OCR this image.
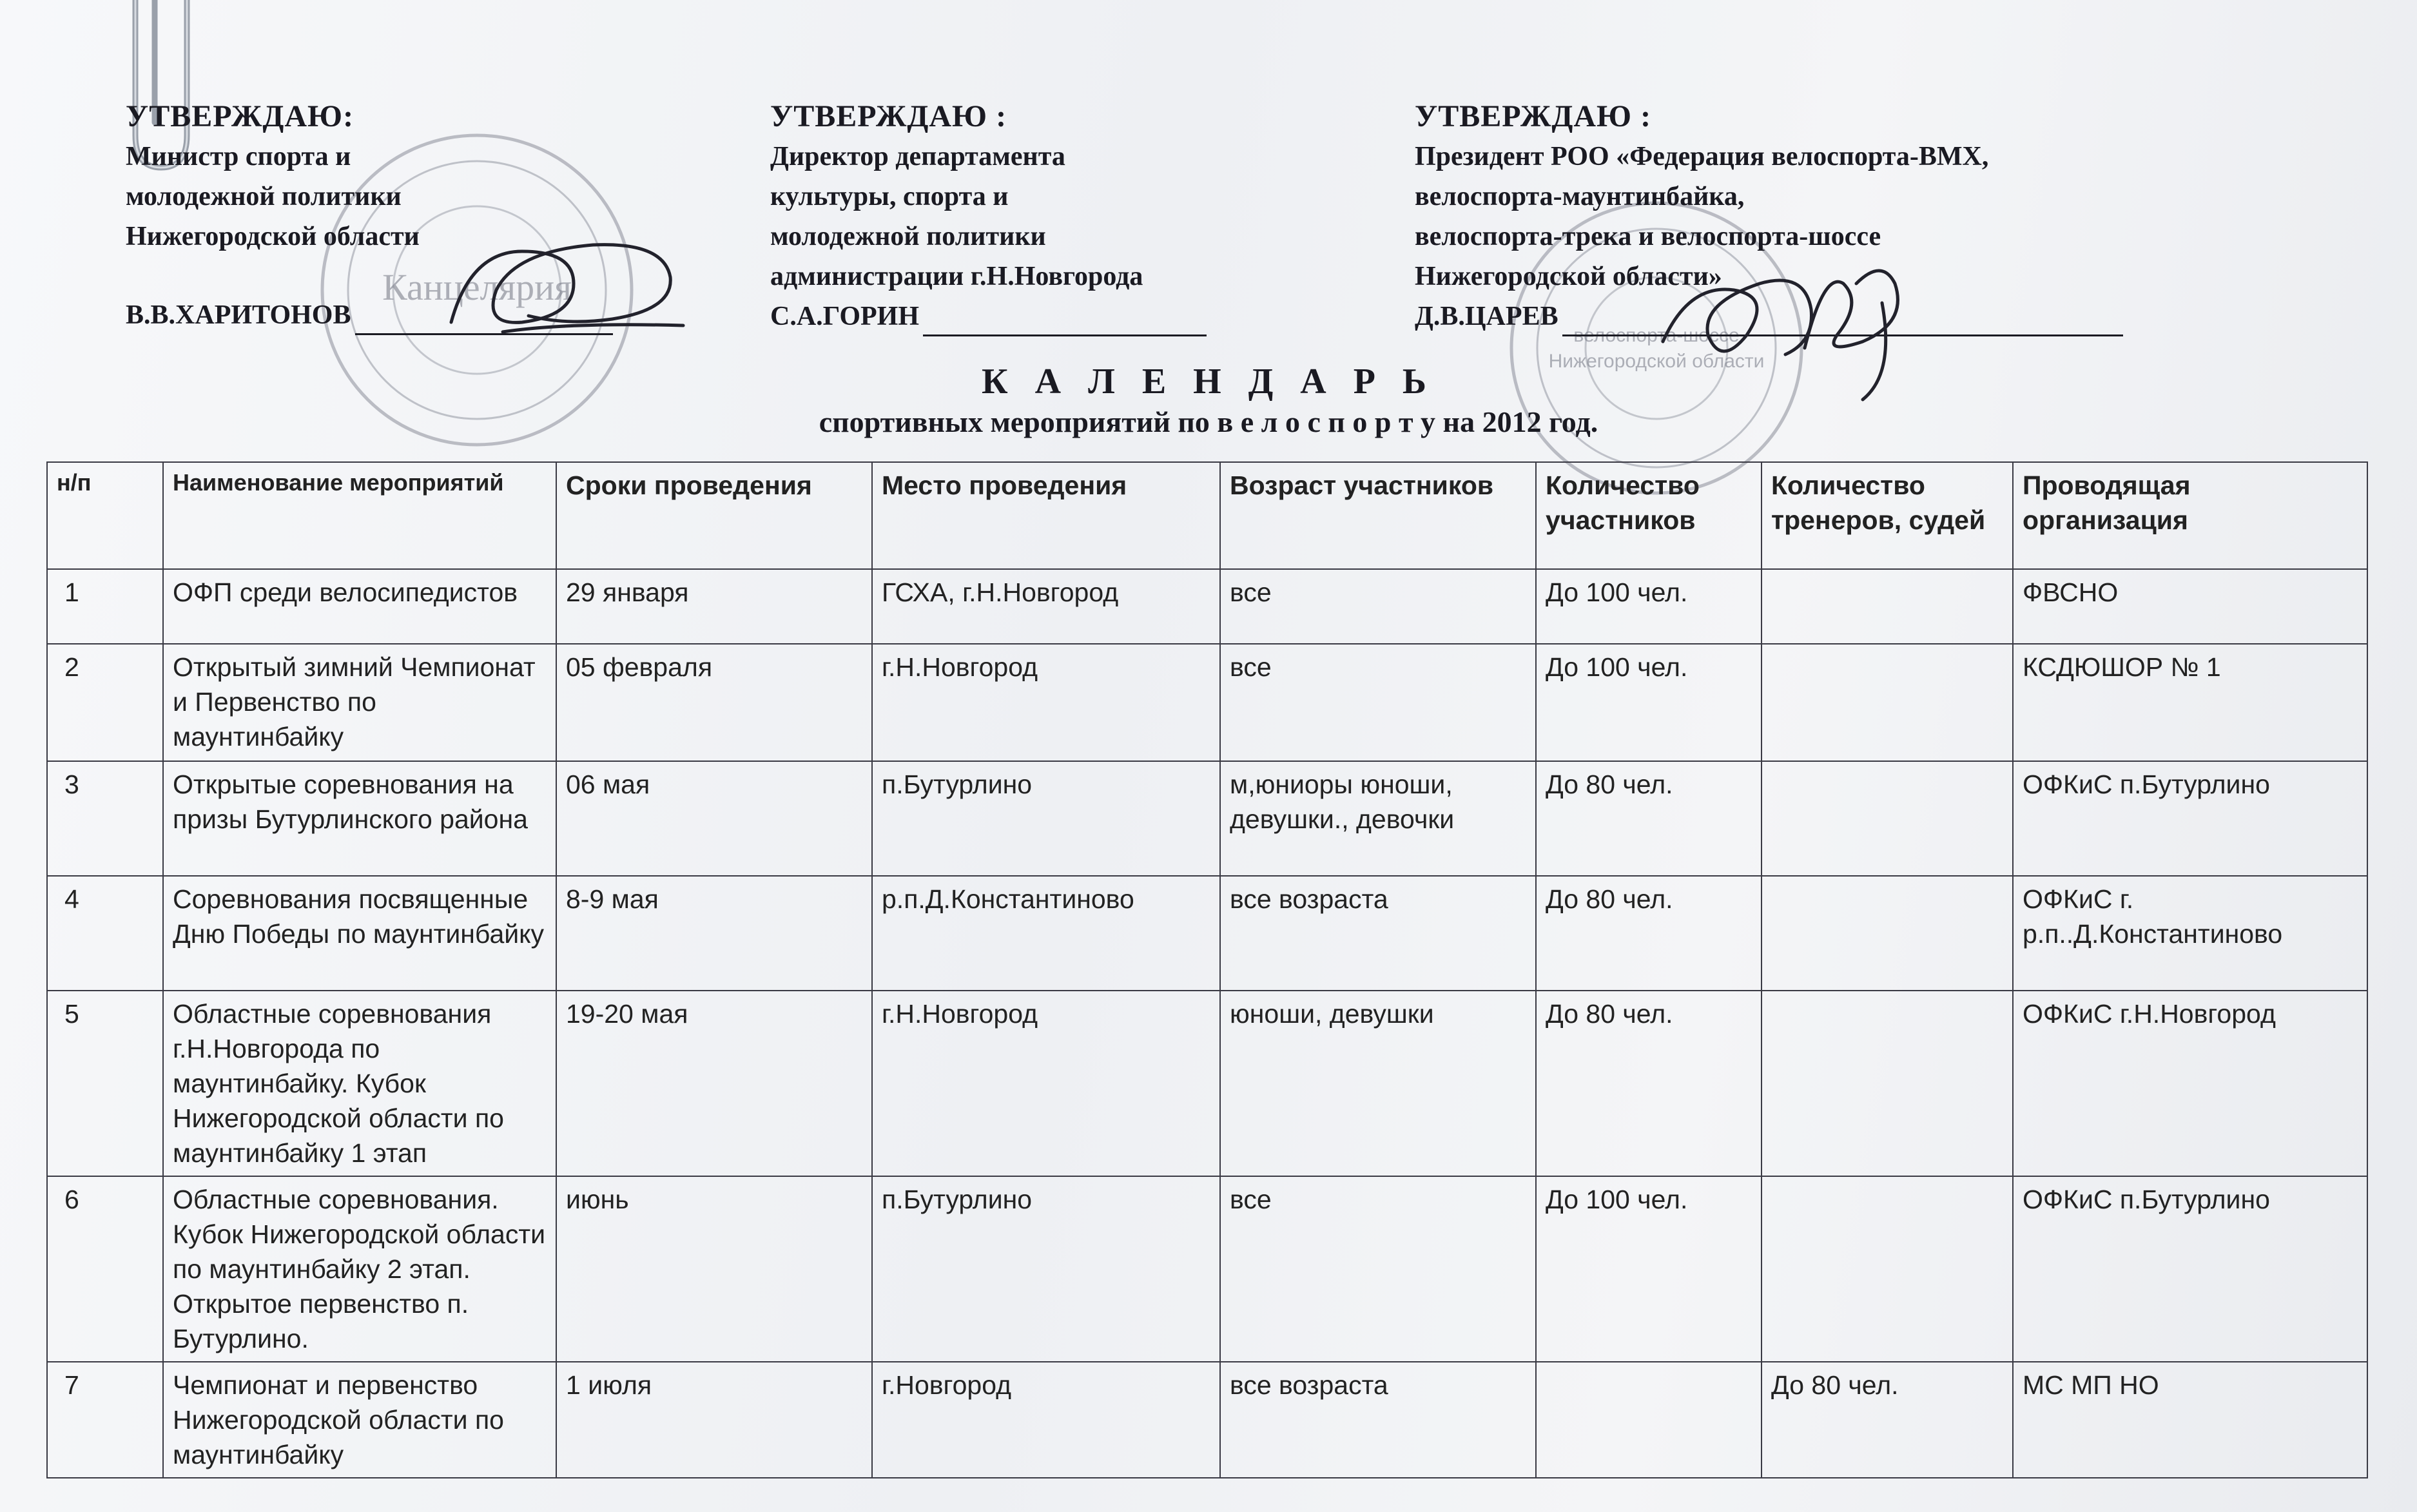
Канцелярия
велоспорта-шоссе
Нижегородской области
УТВЕРЖДАЮ:
Министр спорта и
молодежной политики
Нижегородской области
В.В.ХАРИТОНОВ
УТВЕРЖДАЮ :
Директор департамента
культуры, спорта и
молодежной политики
администрации г.Н.Новгорода
С.А.ГОРИН
УТВЕРЖДАЮ :
Президент РОО «Федерация велоспорта-ВМХ,
велоспорта-маунтинбайка,
велоспорта-трека и велоспорта-шоссе
Нижегородской области»
Д.В.ЦАРЕВ
К А Л Е Н Д А Р Ь
спортивных мероприятий по в е л о с п о р т у на 2012 год.
н/п	Наименование мероприятий	Сроки проведения	Место проведения	Возраст участников	Количество участников	Количество тренеров, судей	Проводящая организация
1	ОФП среди велосипедистов	29 января	ГСХА, г.Н.Новгород	все	До 100 чел.		ФВСНО
2	Открытый зимний Чемпионат и Первенство по маунтинбайку	05 февраля	г.Н.Новгород	все	До 100 чел.		КСДЮШОР № 1
3	Открытые соревнования на призы Бутурлинского района	06 мая	п.Бутурлино	м,юниоры юноши, девушки., девочки	До 80 чел.		ОФКиС п.Бутурлино
4	Соревнования посвященные Дню Победы по маунтинбайку	8-9 мая	р.п.Д.Константиново	все возраста	До 80 чел.		ОФКиС г. р.п..Д.Константиново
5	Областные соревнования г.Н.Новгорода по маунтинбайку. Кубок Нижегородской области по маунтинбайку 1 этап	19-20 мая	г.Н.Новгород	юноши, девушки	До 80 чел.		ОФКиС г.Н.Новгород
6	Областные соревнования. Кубок Нижегородской области по маунтинбайку 2 этап. Открытое первенство п. Бутурлино.	июнь	п.Бутурлино	все	До 100 чел.		ОФКиС п.Бутурлино
7	Чемпионат и первенство Нижегородской области по маунтинбайку	1 июля	г.Новгород	все возраста		До 80 чел.	МС МП НО
